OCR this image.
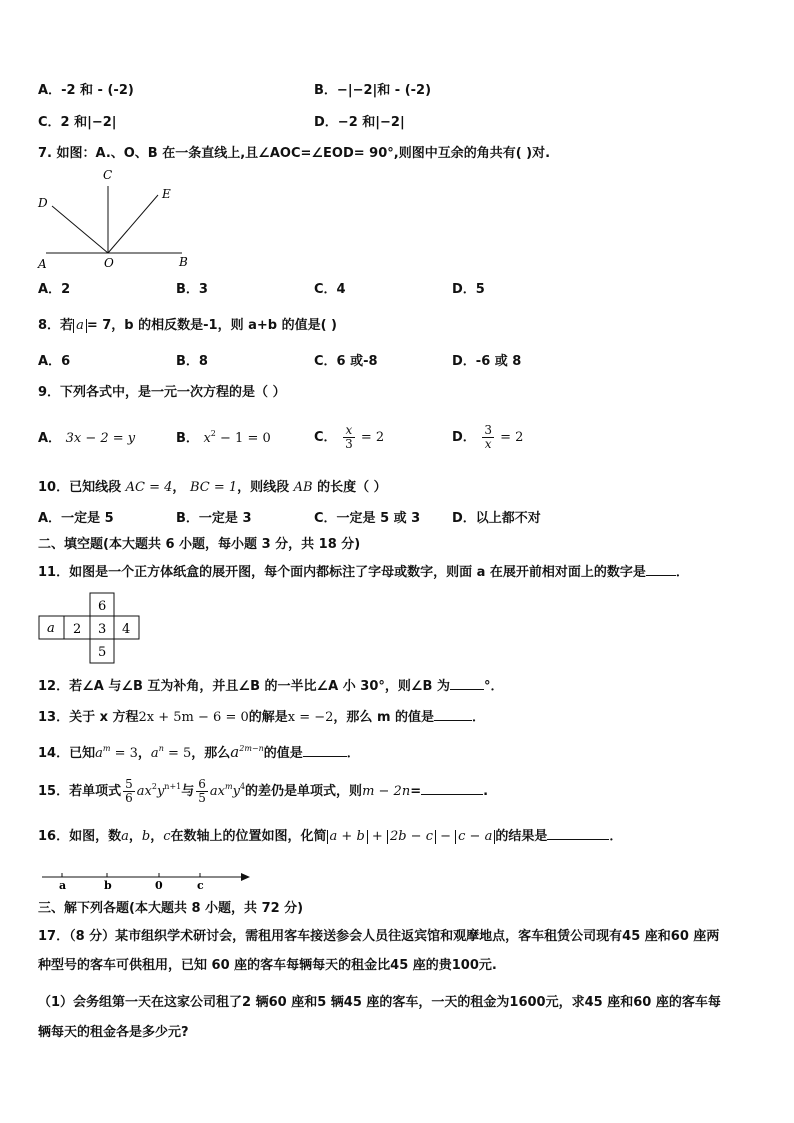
A．-2 和 - (-2)	B．−|−2|和 - (-2)
C．2 和|−2|	D．−2 和|−2|
7. 如图：A.、O、B 在一条直线上,且∠AOC=∠EOD= 90°,则图中互余的角共有( )对.
C
D
E
A	O	B
A．2	B．3	C．4	D．5
8．若 a = 7，b 的相反数是-1，则 a+b 的值是( )
A．6	B．8	C．6 或-8	D．-6 或 8
9．下列各式中，是一元一次方程的是（ ）
A． 3x − 2 = y	B． $x^2 - 1 = 0$	C． $\frac{x}{3} = 2$	D． $\frac{3}{x} = 2$
10．已知线段 AC = 4， BC = 1，则线段 AB 的长度（ ）
A．一定是 5	B．一定是 3	C．一定是 5 或 3 D．以上都不对
二、填空题(本大题共 6 小题，每小题 3 分，共 18 分)
11．如图是一个正方体纸盒的展开图，每个面内都标注了字母或数字，则面 a 在展开前相对面上的数字是 ．
6
a 2 3 4
5
12．若∠A 与∠B 互为补角，并且∠B 的一半比∠A 小 30°，则∠B 为	°．
13．关于 x 方程2x + 5m − 6 = 0的解是x = −2，那么 m 的值是	．
14．已知$a^m = 3$，$a^n = 5$，那么$a^{2m-n}$的值是	．
15．若单项式 $\frac{5}{6} ax^2y^{n+1}$与 $\frac{6}{5} ax^my^4$的差仍是单项式，则m − 2n=	.
16．如图，数a，b，c在数轴上的位置如图，化简 a + b + 2b − c − c − a 的结果是	．
a	b	0	c
三、解下列各题(本大题共 8 小题，共 72 分)
17．（8 分）某市组织学术研讨会，需租用客车接送参会人员往返宾馆和观摩地点，客车租赁公司现有45 座和60 座两
种型号的客车可供租用，已知 60 座的客车每辆每天的租金比45 座的贵100元.
（1）会务组第一天在这家公司租了2 辆60 座和5 辆45 座的客车，一天的租金为1600元，求45 座和60 座的客车每
辆每天的租金各是多少元?
